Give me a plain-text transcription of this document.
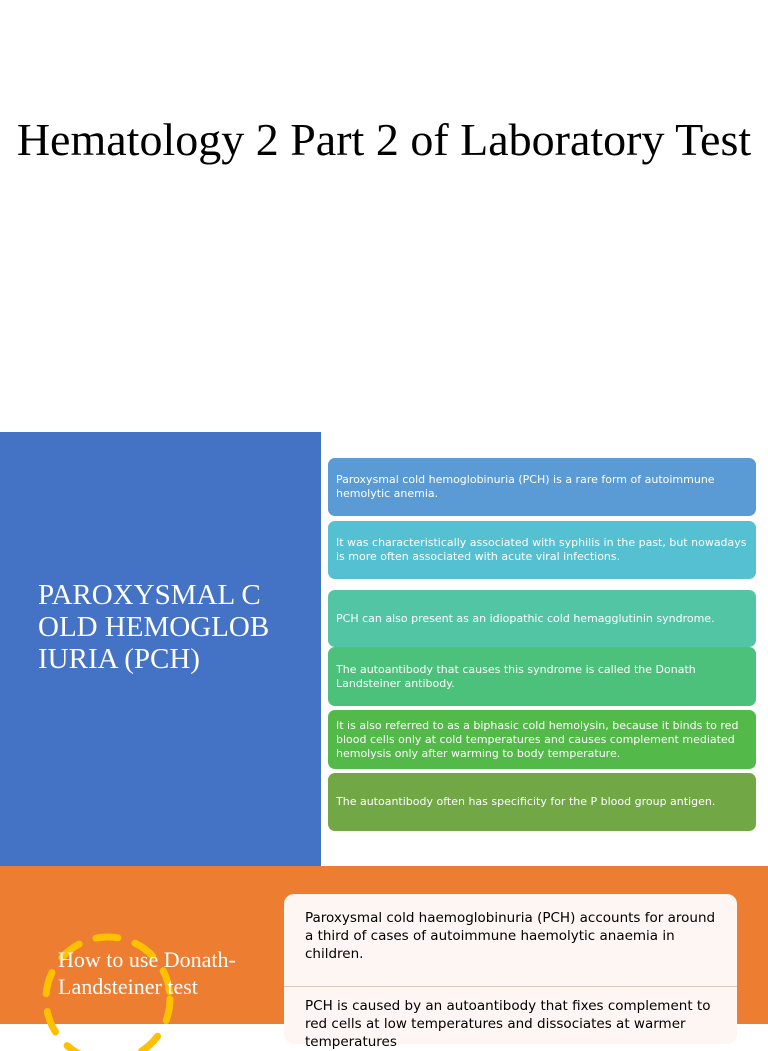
Hematology 2 Part 2 of Laboratory Test
PAROXYSMAL COLD HEMOGLOBIURIA (PCH)
Paroxysmal cold hemoglobinuria (PCH) is a rare form of autoimmune hemolytic anemia.
It was characteristically associated with syphilis in the past, but nowadays is more often associated with acute viral infections.
PCH can also present as an idiopathic cold hemagglutinin syndrome.
The autoantibody that causes this syndrome is called the Donath Landsteiner antibody.
It is also referred to as a biphasic cold hemolysin, because it binds to red blood cells only at cold temperatures and causes complement mediated hemolysis only after warming to body temperature.
The autoantibody often has specificity for the P blood group antigen.
How to use Donath-Landsteiner test
Paroxysmal cold haemoglobinuria (PCH) accounts for around a third of cases of autoimmune haemolytic anaemia in children.
PCH is caused by an autoantibody that fixes complement to red cells at low temperatures and dissociates at warmer temperatures
